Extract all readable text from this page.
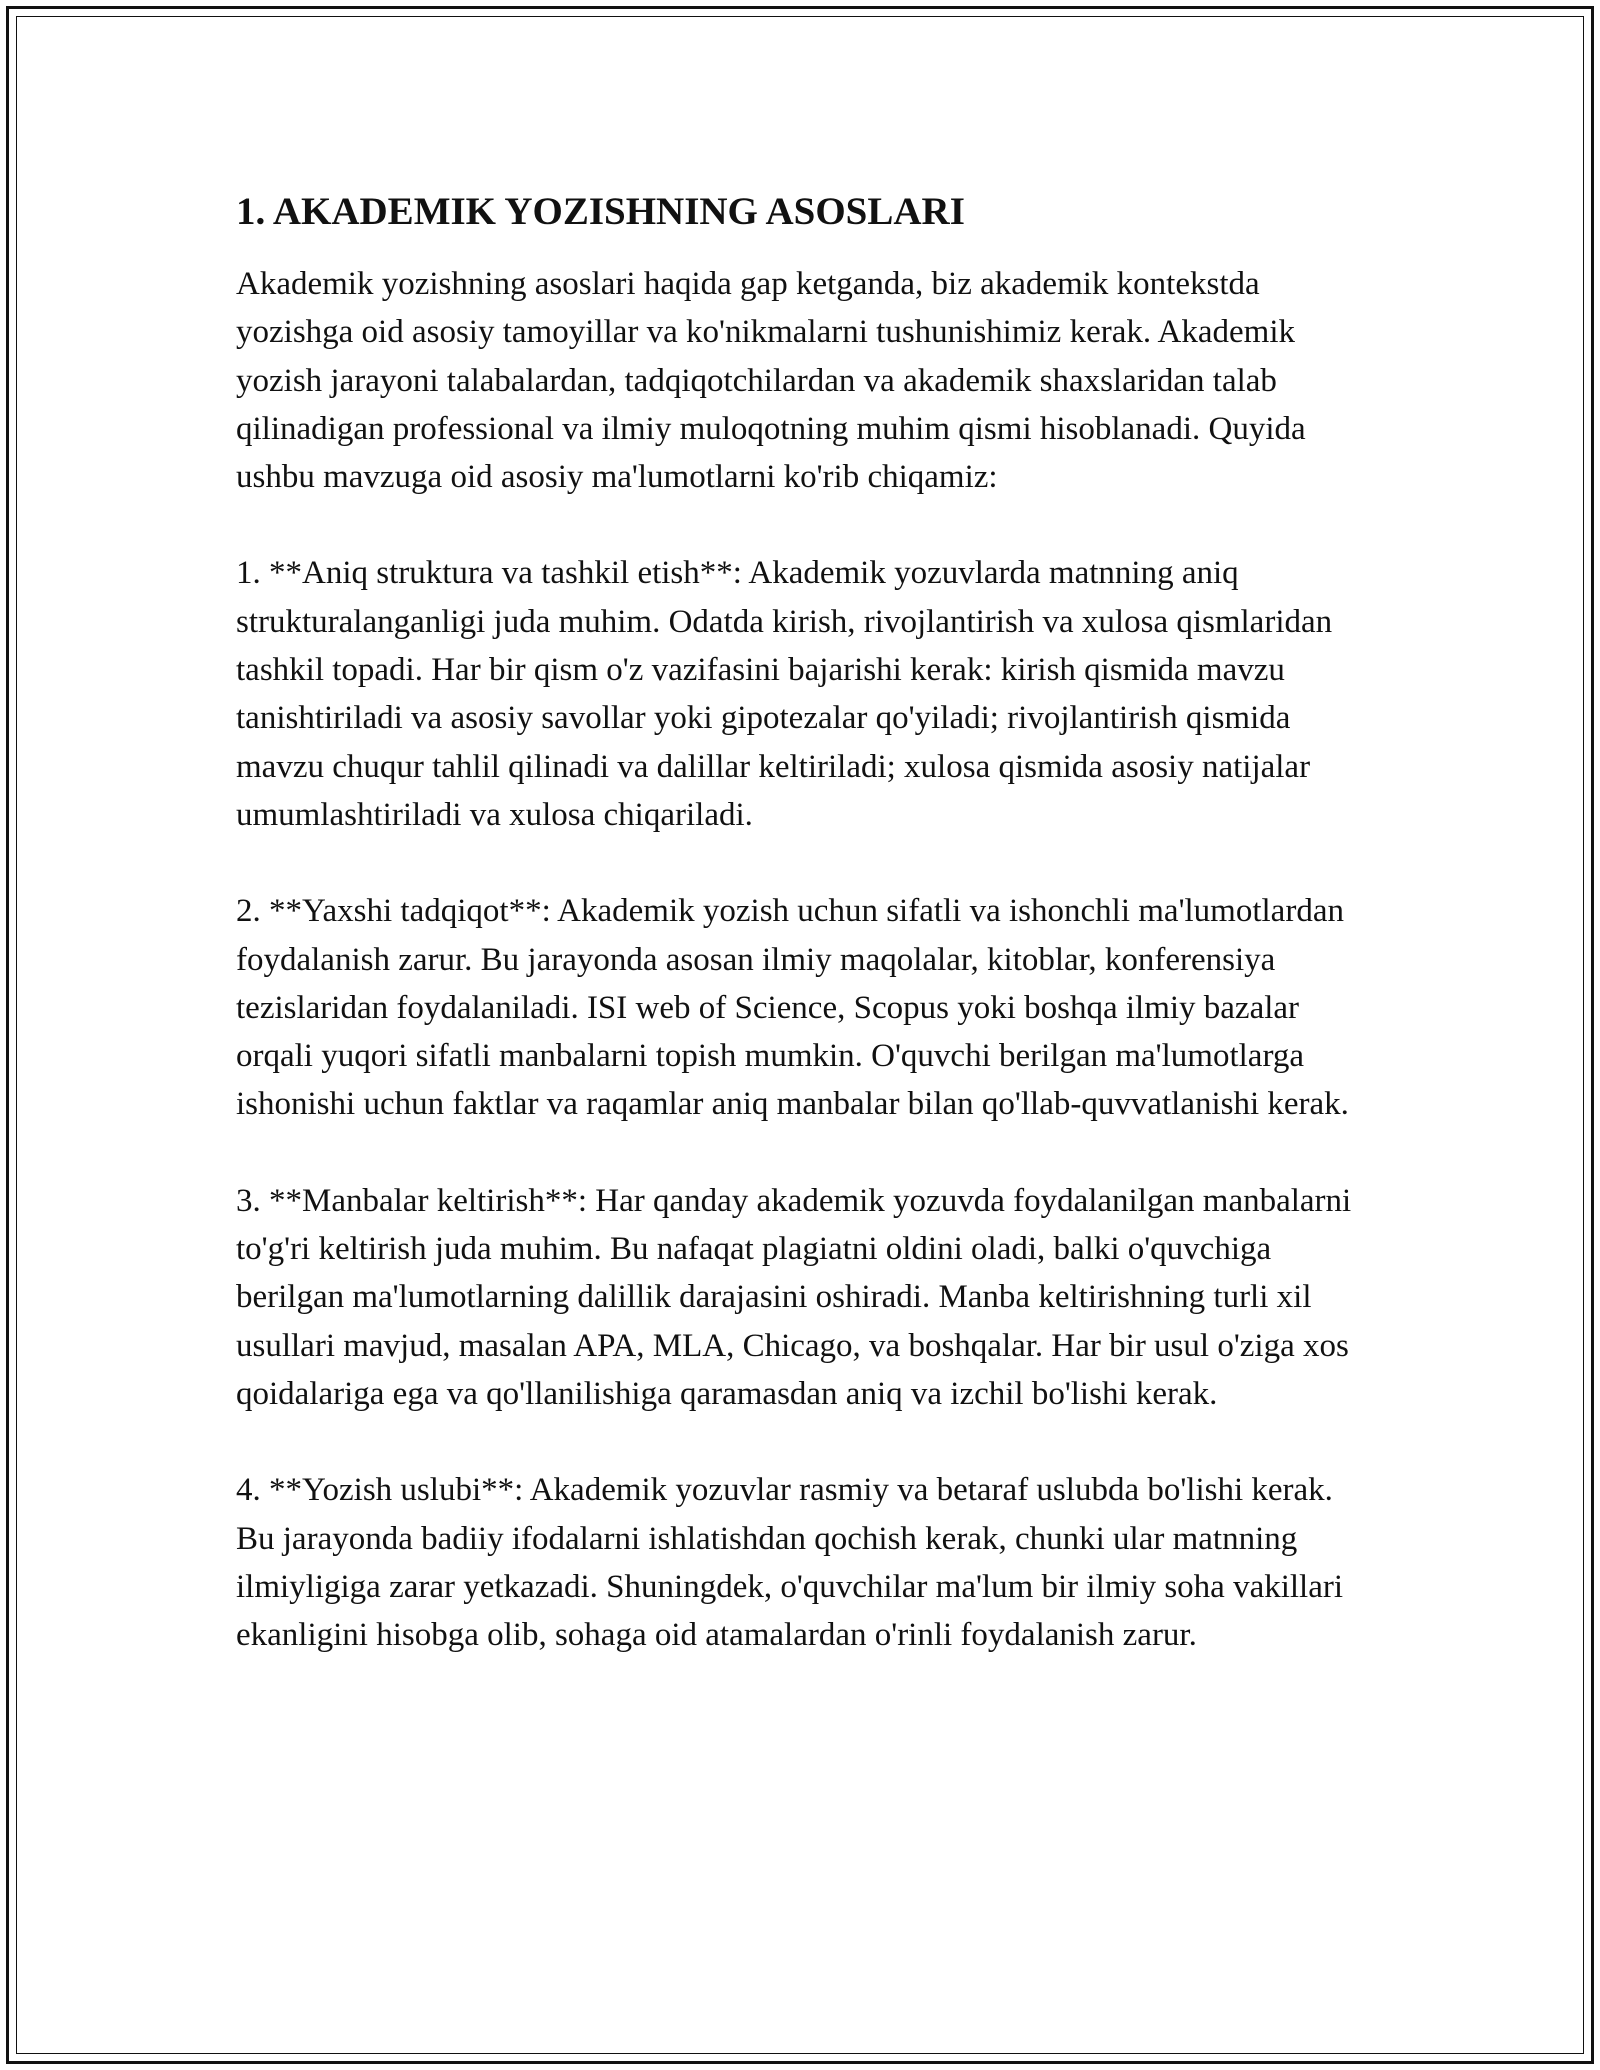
1. AKADEMIK YOZISHNING ASOSLARI

Akademik yozishning asoslari haqida gap ketganda, biz akademik kontekstda yozishga oid asosiy tamoyillar va ko'nikmalarni tushunishimiz kerak. Akademik yozish jarayoni talabalardan, tadqiqotchilardan va akademik shaxslaridan talab qilinadigan professional va ilmiy muloqotning muhim qismi hisoblanadi. Quyida ushbu mavzuga oid asosiy ma'lumotlarni ko'rib chiqamiz:

1. **Aniq struktura va tashkil etish**: Akademik yozuvlarda matnning aniq strukturalanganligi juda muhim. Odatda kirish, rivojlantirish va xulosa qismlaridan tashkil topadi. Har bir qism o'z vazifasini bajarishi kerak: kirish qismida mavzu tanishtiriladi va asosiy savollar yoki gipotezalar qo'yiladi; rivojlantirish qismida mavzu chuqur tahlil qilinadi va dalillar keltiriladi; xulosa qismida asosiy natijalar umumlashtiriladi va xulosa chiqariladi.

2. **Yaxshi tadqiqot**: Akademik yozish uchun sifatli va ishonchli ma'lumotlardan foydalanish zarur. Bu jarayonda asosan ilmiy maqolalar, kitoblar, konferensiya tezislaridan foydalaniladi. ISI web of Science, Scopus yoki boshqa ilmiy bazalar orqali yuqori sifatli manbalarni topish mumkin. O'quvchi berilgan ma'lumotlarga ishonishi uchun faktlar va raqamlar aniq manbalar bilan qo'llab-quvvatlanishi kerak.

3. **Manbalar keltirish**: Har qanday akademik yozuvda foydalanilgan manbalarni to'g'ri keltirish juda muhim. Bu nafaqat plagiatni oldini oladi, balki o'quvchiga berilgan ma'lumotlarning dalillik darajasini oshiradi. Manba keltirishning turli xil usullari mavjud, masalan APA, MLA, Chicago, va boshqalar. Har bir usul o'ziga xos qoidalariga ega va qo'llanilishiga qaramasdan aniq va izchil bo'lishi kerak.

4. **Yozish uslubi**: Akademik yozuvlar rasmiy va betaraf uslubda bo'lishi kerak. Bu jarayonda badiiy ifodalarni ishlatishdan qochish kerak, chunki ular matnning ilmiyligiga zarar yetkazadi. Shuningdek, o'quvchilar ma'lum bir ilmiy soha vakillari ekanligini hisobga olib, sohaga oid atamalardan o'rinli foydalanish zarur.
